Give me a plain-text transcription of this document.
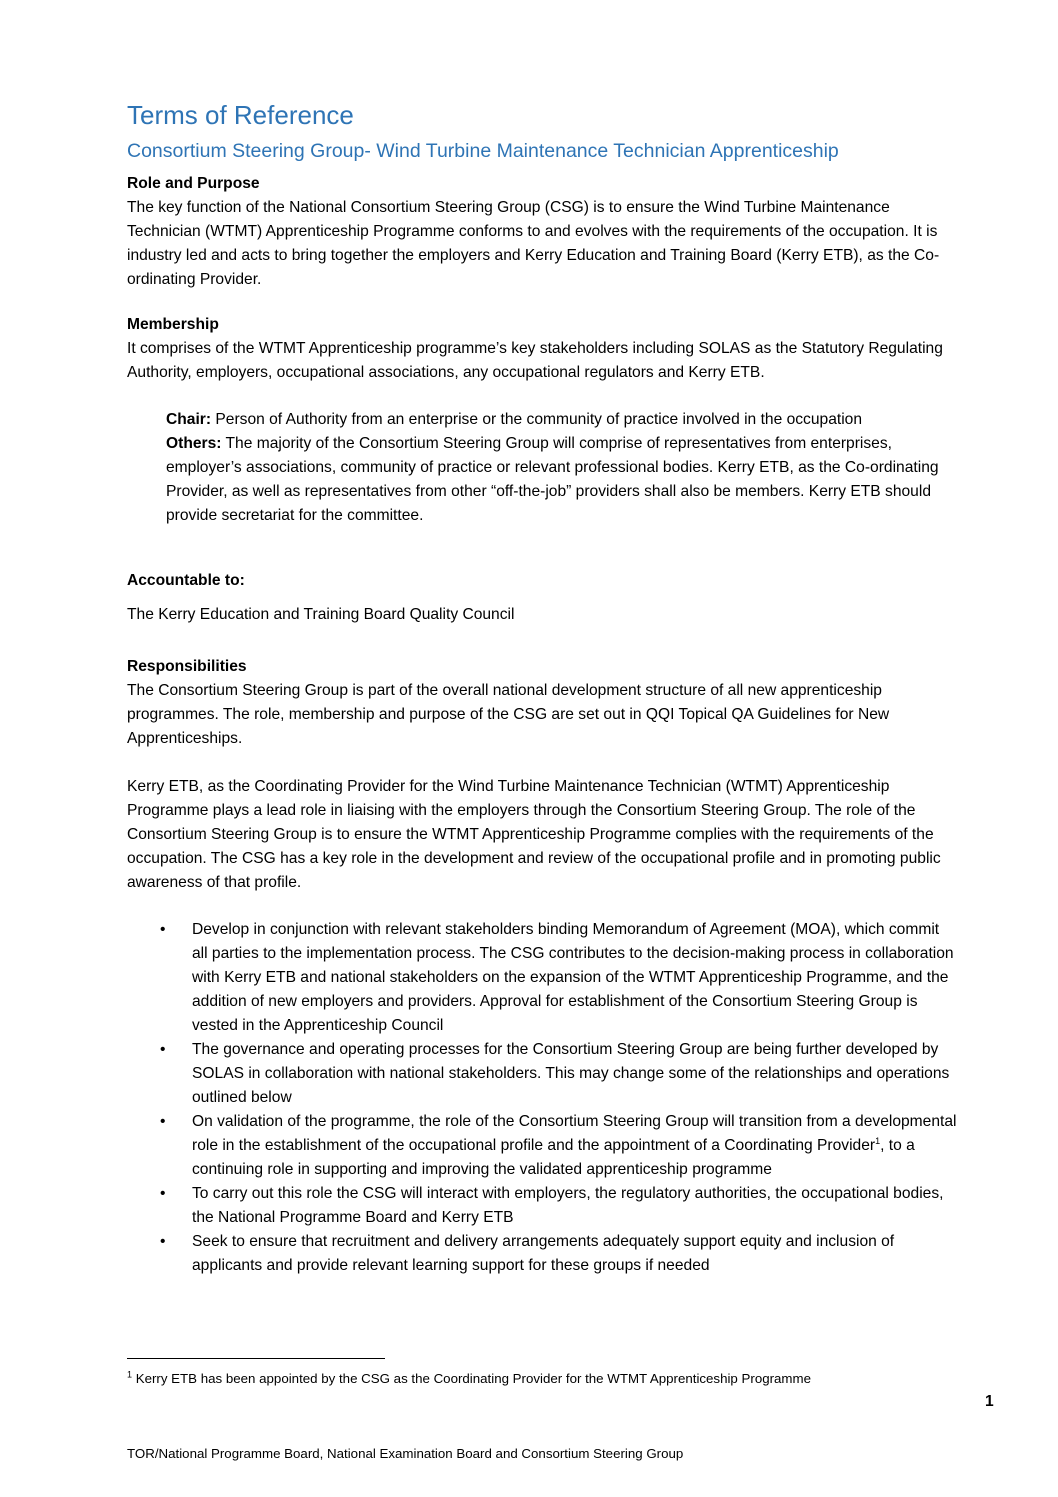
Terms of Reference
Consortium Steering Group- Wind Turbine Maintenance Technician Apprenticeship

Role and Purpose

The key function of the National Consortium Steering Group (CSG) is to ensure the Wind Turbine Maintenance Technician (WTMT) Apprenticeship Programme conforms to and evolves with the requirements of the occupation. It is industry led and acts to bring together the employers and Kerry Education and Training Board (Kerry ETB), as the Co-ordinating Provider.

Membership

It comprises of the WTMT Apprenticeship programme’s key stakeholders including SOLAS as the Statutory Regulating Authority, employers, occupational associations, any occupational regulators and Kerry ETB.

Chair: Person of Authority from an enterprise or the community of practice involved in the occupation

Others: The majority of the Consortium Steering Group will comprise of representatives from enterprises, employer’s associations, community of practice or relevant professional bodies. Kerry ETB, as the Co-ordinating Provider, as well as representatives from other “off-the-job” providers shall also be members. Kerry ETB should provide secretariat for the committee.

Accountable to:

The Kerry Education and Training Board Quality Council

Responsibilities

The Consortium Steering Group is part of the overall national development structure of all new apprenticeship programmes. The role, membership and purpose of the CSG are set out in QQI Topical QA Guidelines for New Apprenticeships.

Kerry ETB, as the Coordinating Provider for the Wind Turbine Maintenance Technician (WTMT) Apprenticeship Programme plays a lead role in liaising with the employers through the Consortium Steering Group. The role of the Consortium Steering Group is to ensure the WTMT Apprenticeship Programme complies with the requirements of the occupation. The CSG has a key role in the development and review of the occupational profile and in promoting public awareness of that profile.

• Develop in conjunction with relevant stakeholders binding Memorandum of Agreement (MOA), which commit all parties to the implementation process. The CSG contributes to the decision-making process in collaboration with Kerry ETB and national stakeholders on the expansion of the WTMT Apprenticeship Programme, and the addition of new employers and providers. Approval for establishment of the Consortium Steering Group is vested in the Apprenticeship Council
• The governance and operating processes for the Consortium Steering Group are being further developed by SOLAS in collaboration with national stakeholders. This may change some of the relationships and operations outlined below
• On validation of the programme, the role of the Consortium Steering Group will transition from a developmental role in the establishment of the occupational profile and the appointment of a Coordinating Provider$^1$, to a continuing role in supporting and improving the validated apprenticeship programme
• To carry out this role the CSG will interact with employers, the regulatory authorities, the occupational bodies, the National Programme Board and Kerry ETB
• Seek to ensure that recruitment and delivery arrangements adequately support equity and inclusion of applicants and provide relevant learning support for these groups if needed
$^1$ Kerry ETB has been appointed by the CSG as the Coordinating Provider for the WTMT Apprenticeship Programme
1
TOR/National Programme Board, National Examination Board and Consortium Steering Group
